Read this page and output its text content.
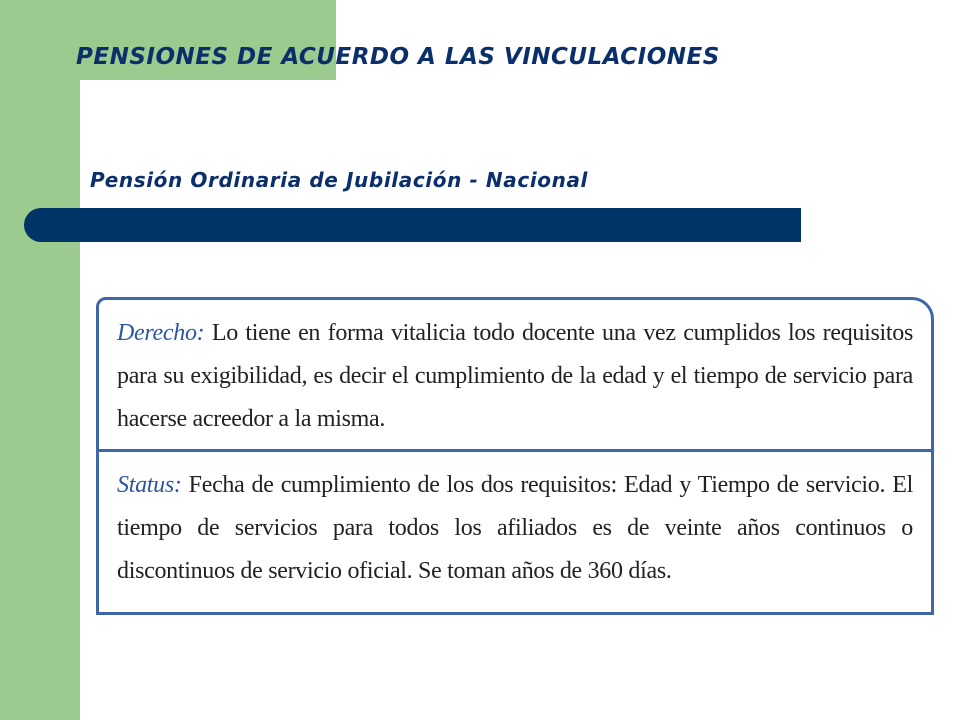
PENSIONES DE ACUERDO A LAS VINCULACIONES
Pensión Ordinaria de Jubilación - Nacional
Derecho: Lo tiene en forma vitalicia todo docente una vez cumplidos los requisitos para su exigibilidad, es decir el cumplimiento de la edad y el tiempo de servicio para hacerse acreedor a la misma.
Status: Fecha de cumplimiento de los dos requisitos: Edad y Tiempo de servicio. El tiempo de servicios para todos los afiliados es de veinte años continuos o discontinuos de servicio oficial. Se toman años de 360 días.
